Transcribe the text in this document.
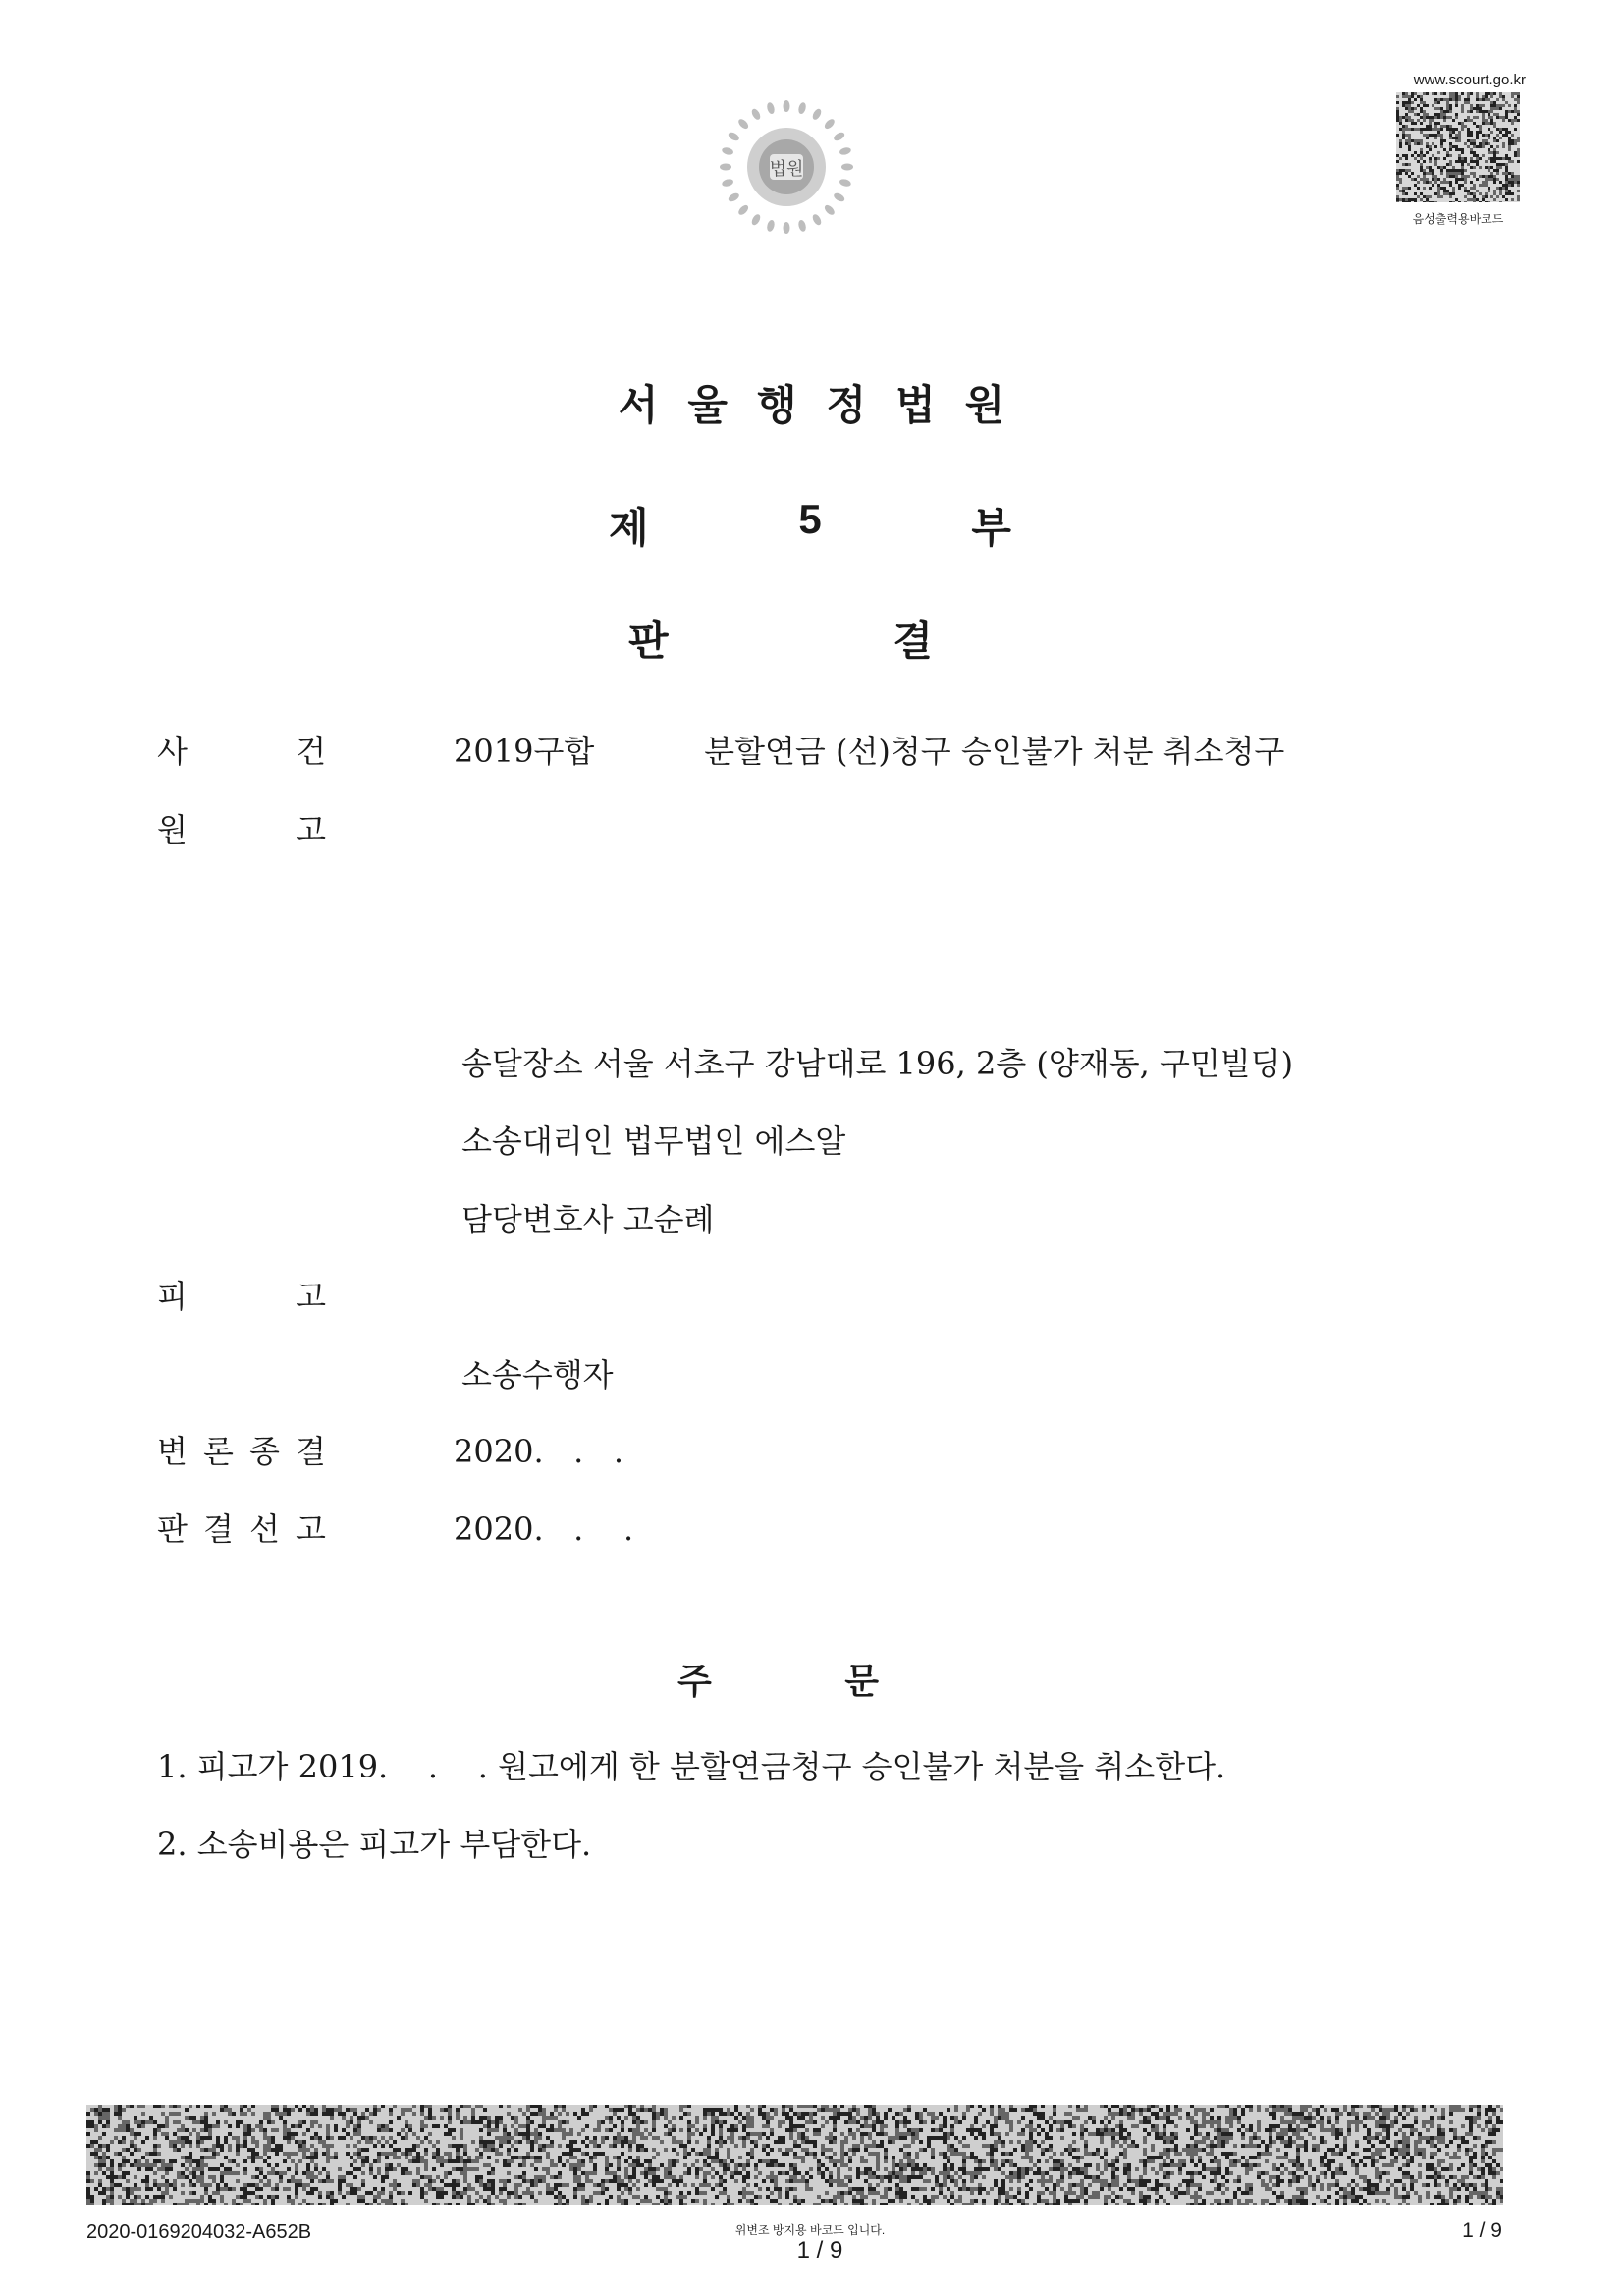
법원
www.scourt.go.kr
음성출력용바코드
서울행정법원
제	5	부
판	결
사	건	2019구합           분할연금 (선)청구 승인불가 처분 취소청구
원	고
송달장소 서울 서초구 강남대로 196, 2층 (양재동, 구민빌딩)
소송대리인 법무법인 에스알
담당변호사 고순례
피	고
소송수행자
변 론 종 결	2020.   .   .
판 결 선 고	2020.   .    .
주	문
1. 피고가 2019.    .    . 원고에게 한 분할연금청구 승인불가 처분을 취소한다.
2. 소송비용은 피고가 부담한다.
2020-0169204032-A652B	위변조 방지용 바코드 입니다.
1 / 9
1 / 9
